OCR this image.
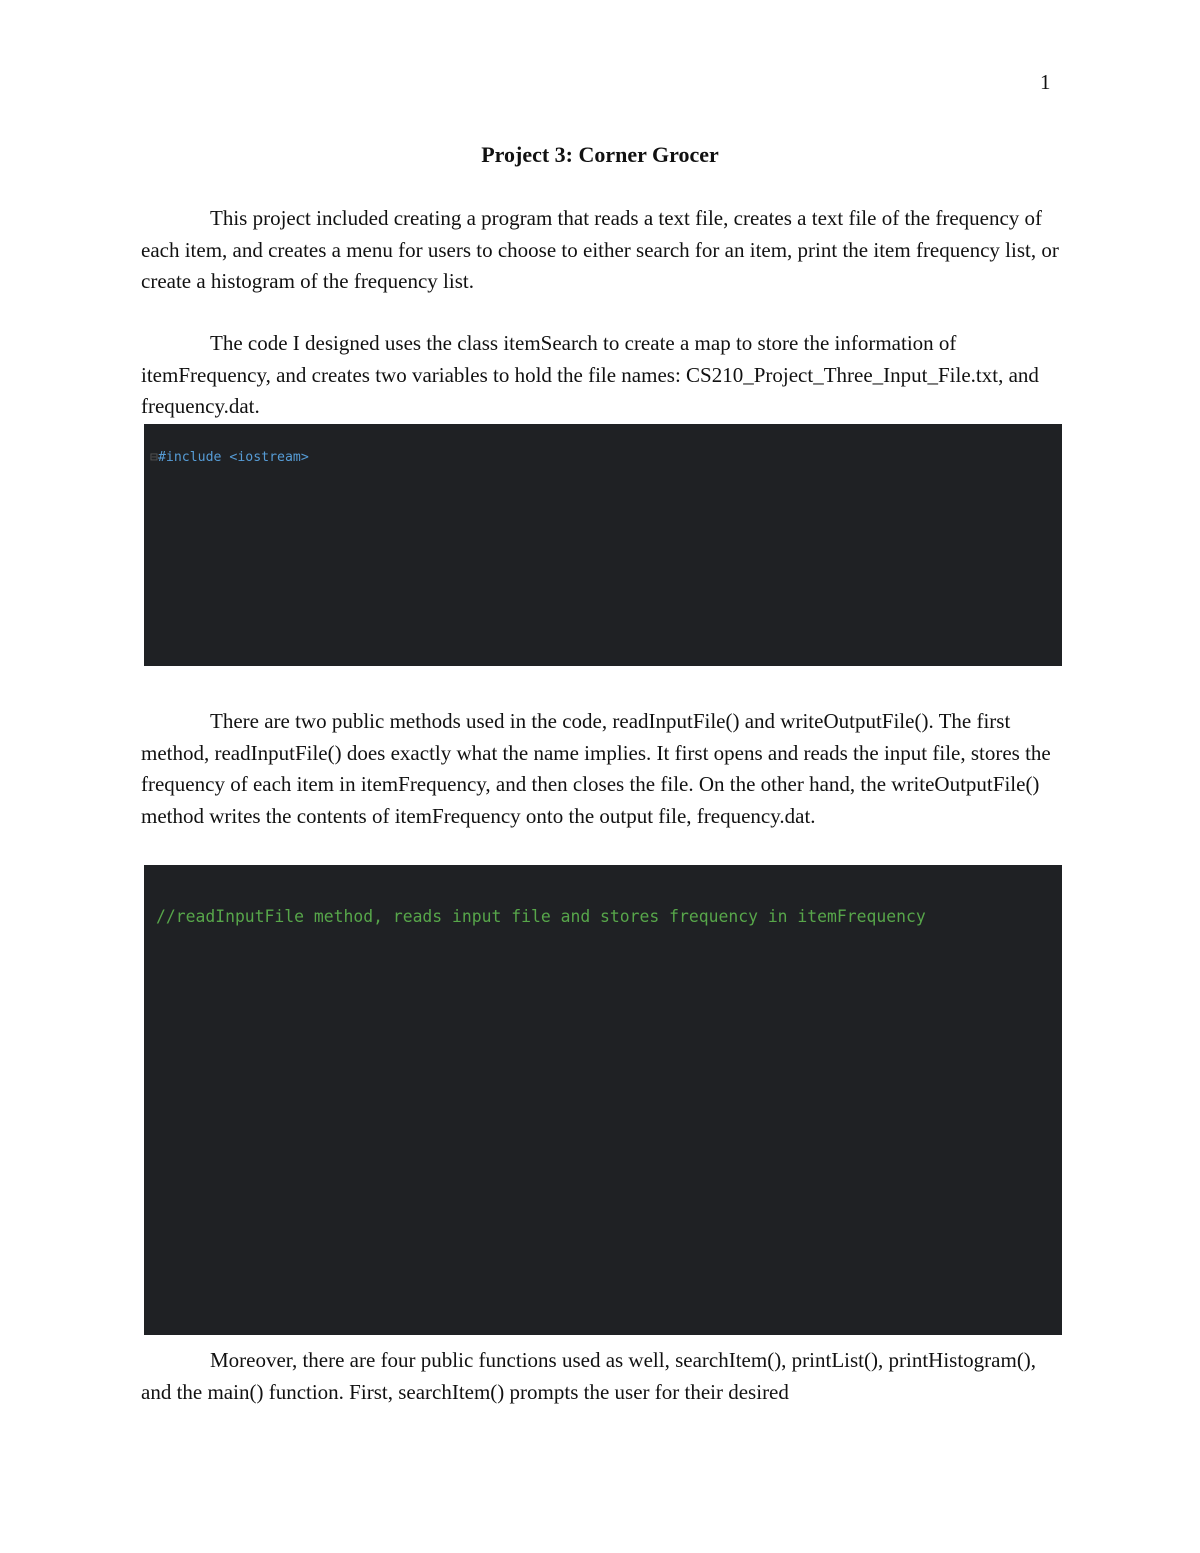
1
Project 3: Corner Grocer

This project included creating a program that reads a text file, creates a text file of the frequency of each item, and creates a menu for users to choose to either search for an item, print the item frequency list, or create a histogram of the frequency list.

The code I designed uses the class itemSearch to create a map to store the information of itemFrequency, and creates two variables to hold the file names: CS210_Project_Three_Input_File.txt, and frequency.dat.

⊟#include <iostream>

There are two public methods used in the code, readInputFile() and writeOutputFile(). The first method, readInputFile() does exactly what the name implies. It first opens and reads the input file, stores the frequency of each item in itemFrequency, and then closes the file. On the other hand, the writeOutputFile() method writes the contents of itemFrequency onto the output file, frequency.dat.

//readInputFile method, reads input file and stores frequency in itemFrequency

Moreover, there are four public functions used as well, searchItem(), printList(), printHistogram(), and the main() function. First, searchItem() prompts the user for their desired
